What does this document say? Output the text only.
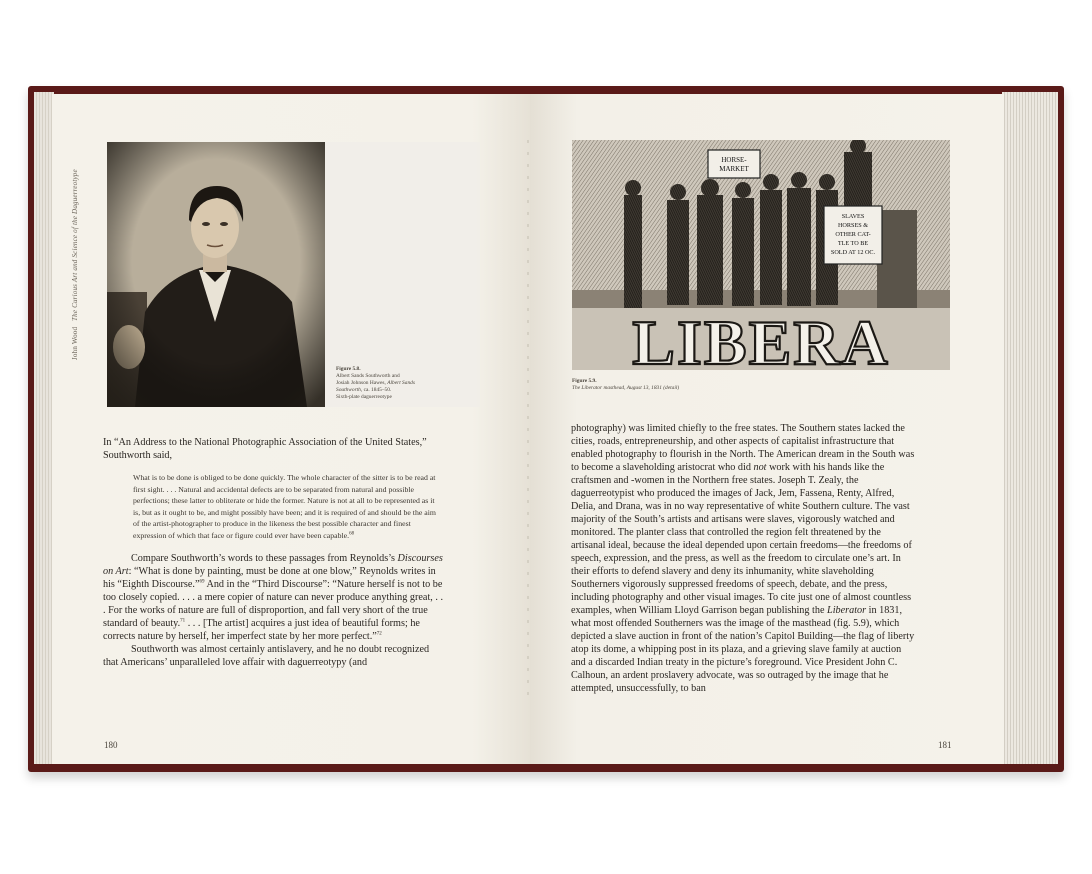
John Wood   The Curious Art and Science of the Daguerreotype
Figure 5.8.
Albert Sands Southworth and
Josiah Johnson Hawes, Albert Sands Southworth, ca. 1845–50.
Sixth-plate daguerreotype
HORSE-
MARKET
SLAVES
HORSES &
OTHER CAT-
TLE TO BE
SOLD AT 12 OC.
LIBERA
Figure 5.9.
The Liberator masthead, August 13, 1831 (detail)

In “An Address to the National Photographic Association of the United States,” Southworth said,

What is to be done is obliged to be done quickly. The whole character of the sitter is to be read at first sight. . . . Natural and accidental defects are to be separated from natural and possible perfections; these latter to obliterate or hide the former. Nature is not at all to be represented as it is, but as it ought to be, and might possibly have been; and it is required of and should be the aim of the artist-photographer to produce in the likeness the best possible character and finest expression of which that face or figure could ever have been capable.$^{68}$

Compare Southworth’s words to these passages from Reynolds’s Discourses on Art: “What is done by painting, must be done at one blow,” Reynolds writes in his “Eighth Discourse.”$^{69}$ And in the “Third Discourse”: “Nature herself is not to be too closely copied. . . . a mere copier of nature can never produce anything great, . . . For the works of nature are full of disproportion, and fall very short of the true standard of beauty.$^{71}$ . . . [The artist] acquires a just idea of beautiful forms; he corrects nature by herself, her imperfect state by her more perfect.”$^{72}$

Southworth was almost certainly antislavery, and he no doubt recognized that Americans’ unparalleled love affair with daguerreotypy (and

photography) was limited chiefly to the free states. The Southern states lacked the cities, roads, entrepreneurship, and other aspects of capitalist infrastructure that enabled photography to flourish in the North. The American dream in the South was to become a slaveholding aristocrat who did not work with his hands like the craftsmen and -women in the Northern free states. Joseph T. Zealy, the daguerreotypist who produced the images of Jack, Jem, Fassena, Renty, Alfred, Delia, and Drana, was in no way representative of white Southern culture. The vast majority of the South’s artists and artisans were slaves, vigorously watched and monitored. The planter class that controlled the region felt threatened by the artisanal ideal, because the ideal depended upon certain freedoms—the freedoms of speech, expression, and the press, as well as the freedom to circulate one’s art. In their efforts to defend slavery and deny its inhumanity, white slaveholding Southerners vigorously suppressed freedoms of speech, debate, and the press, including photography and other visual images. To cite just one of almost countless examples, when William Lloyd Garrison began publishing the Liberator in 1831, what most offended Southerners was the image of the masthead (fig. 5.9), which depicted a slave auction in front of the nation’s Capitol Building—the flag of liberty atop its dome, a whipping post in its plaza, and a grieving slave family at auction and a discarded Indian treaty in the picture’s foreground. Vice President John C. Calhoun, an ardent proslavery advocate, was so outraged by the image that he attempted, unsuccessfully, to ban

180	181
